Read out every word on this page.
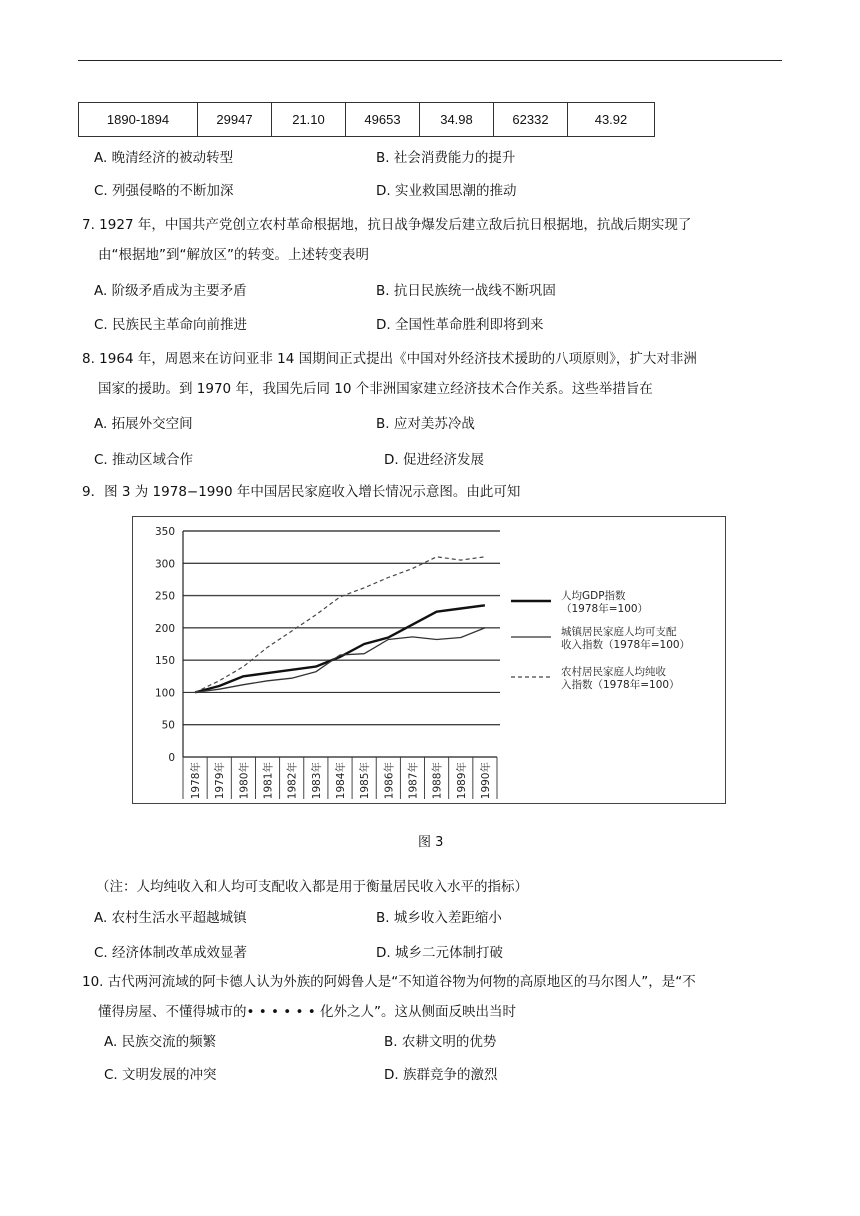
1890-1894	29947	21.10	49653	34.98	62332	43.92
A. 晚清经济的被动转型	B. 社会消费能力的提升
C. 列强侵略的不断加深	D. 实业救国思潮的推动
7. 1927 年，中国共产党创立农村革命根据地，抗日战争爆发后建立敌后抗日根据地，抗战后期实现了
由“根据地”到“解放区”的转变。上述转变表明
A. 阶级矛盾成为主要矛盾	B. 抗日民族统一战线不断巩固
C. 民族民主革命向前推进	D. 全国性革命胜利即将到来
8. 1964 年，周恩来在访问亚非 14 国期间正式提出《中国对外经济技术援助的八项原则》，扩大对非洲
国家的援助。到 1970 年，我国先后同 10 个非洲国家建立经济技术合作关系。这些举措旨在
A. 拓展外交空间	B. 应对美苏冷战
C. 推动区域合作	D. 促进经济发展
9．图 3 为 1978−1990 年中国居民家庭收入增长情况示意图。由此可知
0
50
100
150
200
250
300
350
1978年 1979年 1980年 1981年 1982年 1983年 1984年 1985年 1986年 1987年 1988年 1989年 1990年
人均GDP指数
（1978年=100）
城镇居民家庭人均可支配
收入指数（1978年=100）
农村居民家庭人均纯收
入指数（1978年=100）
图 3
（注：人均纯收入和人均可支配收入都是用于衡量居民收入水平的指标）
A. 农村生活水平超越城镇	B. 城乡收入差距缩小
C. 经济体制改革成效显著	D. 城乡二元体制打破
10. 古代两河流域的阿卡德人认为外族的阿姆鲁人是“不知道谷物为何物的高原地区的马尔图人”，是“不
懂得房屋、不懂得城市的• • • • • • 化外之人”。这从侧面反映出当时
A. 民族交流的频繁	B. 农耕文明的优势
C. 文明发展的冲突	D. 族群竞争的激烈
